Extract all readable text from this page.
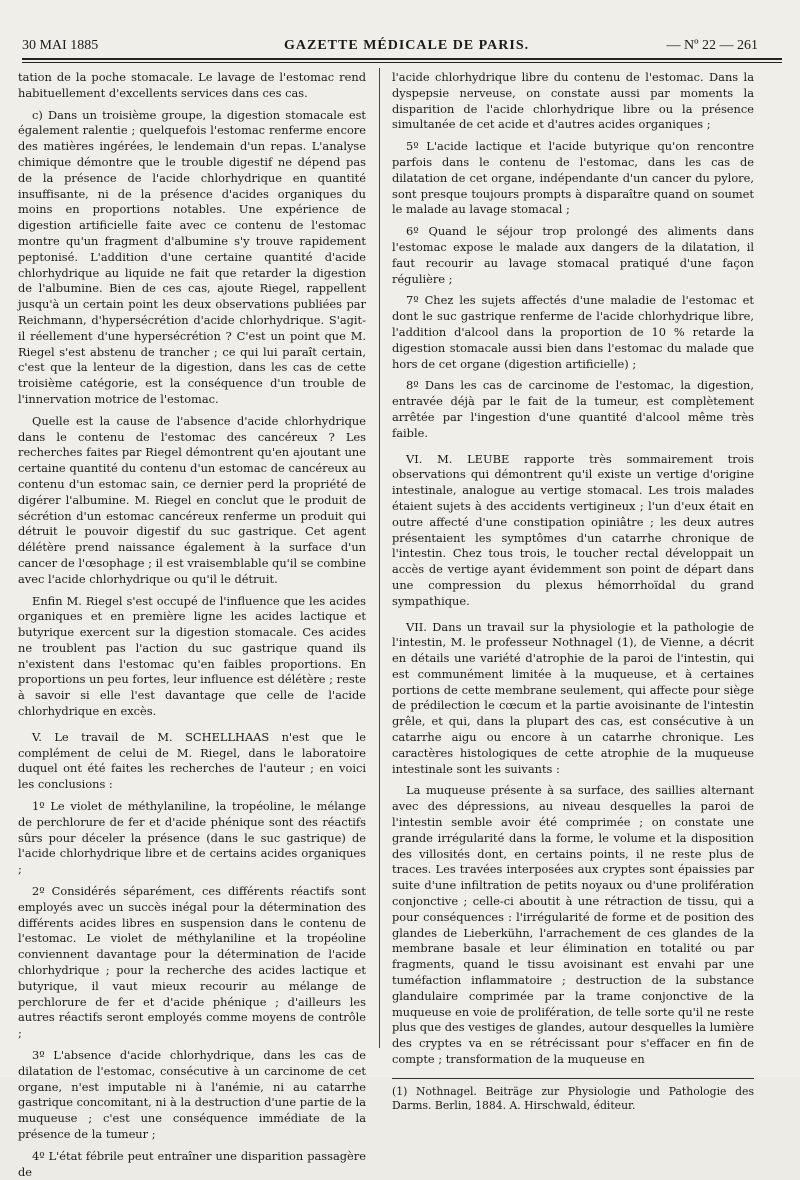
30 MAI 1885	GAZETTE MÉDICALE DE PARIS.	— Nº 22 — 261

tation de la poche stomacale. Le lavage de l'estomac rend habituellement d'excellents services dans ces cas.

c) Dans un troisième groupe, la digestion stomacale est également ralentie ; quelquefois l'estomac renferme encore des matières ingérées, le lendemain d'un repas. L'analyse chimique démontre que le trouble digestif ne dépend pas de la présence de l'acide chlorhydrique en quantité insuffisante, ni de la présence d'acides organiques du moins en proportions notables. Une expérience de digestion artificielle faite avec ce contenu de l'estomac montre qu'un fragment d'albumine s'y trouve rapidement peptonisé. L'addition d'une certaine quantité d'acide chlorhydrique au liquide ne fait que retarder la digestion de l'albumine. Bien de ces cas, ajoute Riegel, rappellent jusqu'à un certain point les deux observations publiées par Reichmann, d'hypersécrétion d'acide chlorhydrique. S'agit-il réellement d'une hypersécrétion ? C'est un point que M. Riegel s'est abstenu de trancher ; ce qui lui paraît certain, c'est que la lenteur de la digestion, dans les cas de cette troisième catégorie, est la conséquence d'un trouble de l'innervation motrice de l'estomac.

Quelle est la cause de l'absence d'acide chlorhydrique dans le contenu de l'estomac des cancéreux ? Les recherches faites par Riegel démontrent qu'en ajoutant une certaine quantité du contenu d'un estomac de cancéreux au contenu d'un estomac sain, ce dernier perd la propriété de digérer l'albumine. M. Riegel en conclut que le produit de sécrétion d'un estomac cancéreux renferme un produit qui détruit le pouvoir digestif du suc gastrique. Cet agent délétère prend naissance également à la surface d'un cancer de l'œsophage ; il est vraisemblable qu'il se combine avec l'acide chlorhydrique ou qu'il le détruit.

Enfin M. Riegel s'est occupé de l'influence que les acides organiques et en première ligne les acides lactique et butyrique exercent sur la digestion stomacale. Ces acides ne troublent pas l'action du suc gastrique quand ils n'existent dans l'estomac qu'en faibles proportions. En proportions un peu fortes, leur influence est délétère ; reste à savoir si elle l'est davantage que celle de l'acide chlorhydrique en excès.

V. Le travail de M. SCHELLHAAS n'est que le complément de celui de M. Riegel, dans le laboratoire duquel ont été faites les recherches de l'auteur ; en voici les conclusions :

1º Le violet de méthylaniline, la tropéoline, le mélange de perchlorure de fer et d'acide phénique sont des réactifs sûrs pour déceler la présence (dans le suc gastrique) de l'acide chlorhydrique libre et de certains acides organiques ;

2º Considérés séparément, ces différents réactifs sont employés avec un succès inégal pour la détermination des différents acides libres en suspension dans le contenu de l'estomac. Le violet de méthylaniline et la tropéoline conviennent davantage pour la détermination de l'acide chlorhydrique ; pour la recherche des acides lactique et butyrique, il vaut mieux recourir au mélange de perchlorure de fer et d'acide phénique ; d'ailleurs les autres réactifs seront employés comme moyens de contrôle ;

3º L'absence d'acide chlorhydrique, dans les cas de dilatation de l'estomac, consécutive à un carcinome de cet organe, n'est imputable ni à l'anémie, ni au catarrhe gastrique concomitant, ni à la destruction d'une partie de la muqueuse ; c'est une conséquence immédiate de la présence de la tumeur ;

4º L'état fébrile peut entraîner une disparition passagère de

l'acide chlorhydrique libre du contenu de l'estomac. Dans la dyspepsie nerveuse, on constate aussi par moments la disparition de l'acide chlorhydrique libre ou la présence simultanée de cet acide et d'autres acides organiques ;

5º L'acide lactique et l'acide butyrique qu'on rencontre parfois dans le contenu de l'estomac, dans les cas de dilatation de cet organe, indépendante d'un cancer du pylore, sont presque toujours prompts à disparaître quand on soumet le malade au lavage stomacal ;

6º Quand le séjour trop prolongé des aliments dans l'estomac expose le malade aux dangers de la dilatation, il faut recourir au lavage stomacal pratiqué d'une façon régulière ;

7º Chez les sujets affectés d'une maladie de l'estomac et dont le suc gastrique renferme de l'acide chlorhydrique libre, l'addition d'alcool dans la proportion de 10 % retarde la digestion stomacale aussi bien dans l'estomac du malade que hors de cet organe (digestion artificielle) ;

8º Dans les cas de carcinome de l'estomac, la digestion, entravée déjà par le fait de la tumeur, est complètement arrêtée par l'ingestion d'une quantité d'alcool même très faible.

VI. M. LEUBE rapporte très sommairement trois observations qui démontrent qu'il existe un vertige d'origine intestinale, analogue au vertige stomacal. Les trois malades étaient sujets à des accidents vertigineux ; l'un d'eux était en outre affecté d'une constipation opiniâtre ; les deux autres présentaient les symptômes d'un catarrhe chronique de l'intestin. Chez tous trois, le toucher rectal développait un accès de vertige ayant évidemment son point de départ dans une compression du plexus hémorrhoïdal du grand sympathique.

VII. Dans un travail sur la physiologie et la pathologie de l'intestin, M. le professeur Nothnagel (1), de Vienne, a décrit en détails une variété d'atrophie de la paroi de l'intestin, qui est communément limitée à la muqueuse, et à certaines portions de cette membrane seulement, qui affecte pour siège de prédilection le cœcum et la partie avoisinante de l'intestin grêle, et qui, dans la plupart des cas, est consécutive à un catarrhe aigu ou encore à un catarrhe chronique. Les caractères histologiques de cette atrophie de la muqueuse intestinale sont les suivants :

La muqueuse présente à sa surface, des saillies alternant avec des dépressions, au niveau desquelles la paroi de l'intestin semble avoir été comprimée ; on constate une grande irrégularité dans la forme, le volume et la disposition des villosités dont, en certains points, il ne reste plus de traces. Les travées interposées aux cryptes sont épaissies par suite d'une infiltration de petits noyaux ou d'une prolifération conjonctive ; celle-ci aboutit à une rétraction de tissu, qui a pour conséquences : l'irrégularité de forme et de position des glandes de Lieberkühn, l'arrachement de ces glandes de la membrane basale et leur élimination en totalité ou par fragments, quand le tissu avoisinant est envahi par une tuméfaction inflammatoire ; destruction de la substance glandulaire comprimée par la trame conjonctive de la muqueuse en voie de prolifération, de telle sorte qu'il ne reste plus que des vestiges de glandes, autour desquelles la lumière des cryptes va en se rétrécissant pour s'effacer en fin de compte ; transformation de la muqueuse en

(1) Nothnagel. Beiträge zur Physiologie und Pathologie des Darms. Berlin, 1884. A. Hirschwald, éditeur.
